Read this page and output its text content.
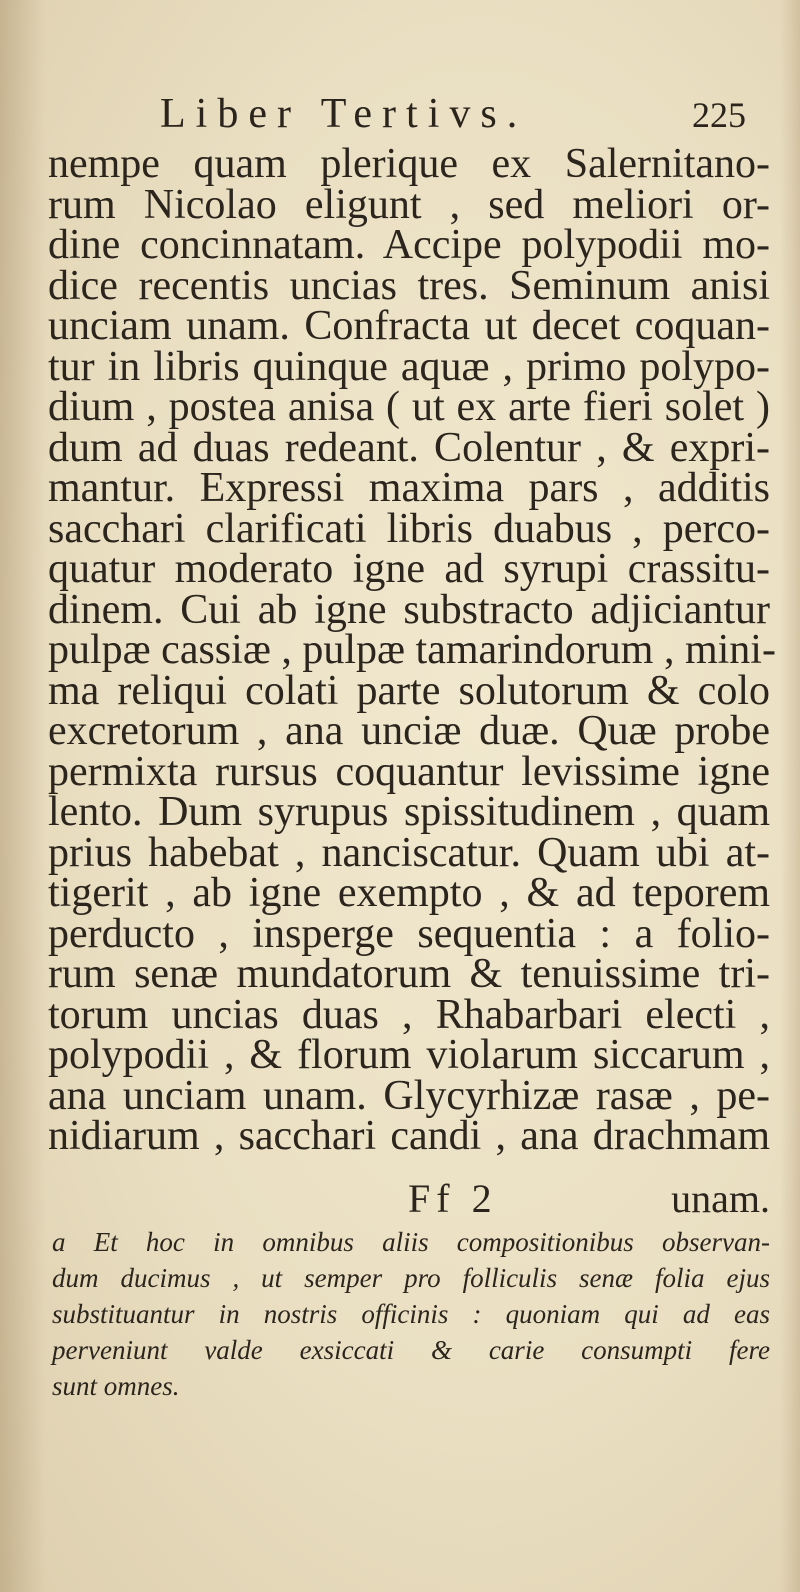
Liber Tertivs.	225
nempe quam plerique ex Salernitano-
rum Nicolao eligunt , sed meliori or-
dine concinnatam. Accipe polypodii mo-
dice recentis uncias tres. Seminum anisi
unciam unam. Confracta ut decet coquan-
tur in libris quinque aquæ , primo polypo-
dium , postea anisa ( ut ex arte fieri solet )
dum ad duas redeant. Colentur , & expri-
mantur. Expressi maxima pars , additis
sacchari clarificati libris duabus , perco-
quatur moderato igne ad syrupi crassitu-
dinem. Cui ab igne substracto adjiciantur
pulpæ cassiæ , pulpæ tamarindorum , mini-
ma reliqui colati parte solutorum & colo
excretorum , ana unciæ duæ. Quæ probe
permixta rursus coquantur levissime igne
lento. Dum syrupus spissitudinem , quam
prius habebat , nanciscatur. Quam ubi at-
tigerit , ab igne exempto , & ad teporem
perducto , insperge sequentia : a folio-
rum senæ mundatorum & tenuissime tri-
torum uncias duas , Rhabarbari electi ,
polypodii , & florum violarum siccarum ,
ana unciam unam. Glycyrhizæ rasæ , pe-
nidiarum , sacchari candi , ana drachmam
Ff 2	unam.
a Et hoc in omnibus aliis compositionibus observan-
dum ducimus , ut semper pro folliculis senæ folia ejus
substituantur in nostris officinis : quoniam qui ad eas
perveniunt valde exsiccati & carie consumpti fere
sunt omnes.
